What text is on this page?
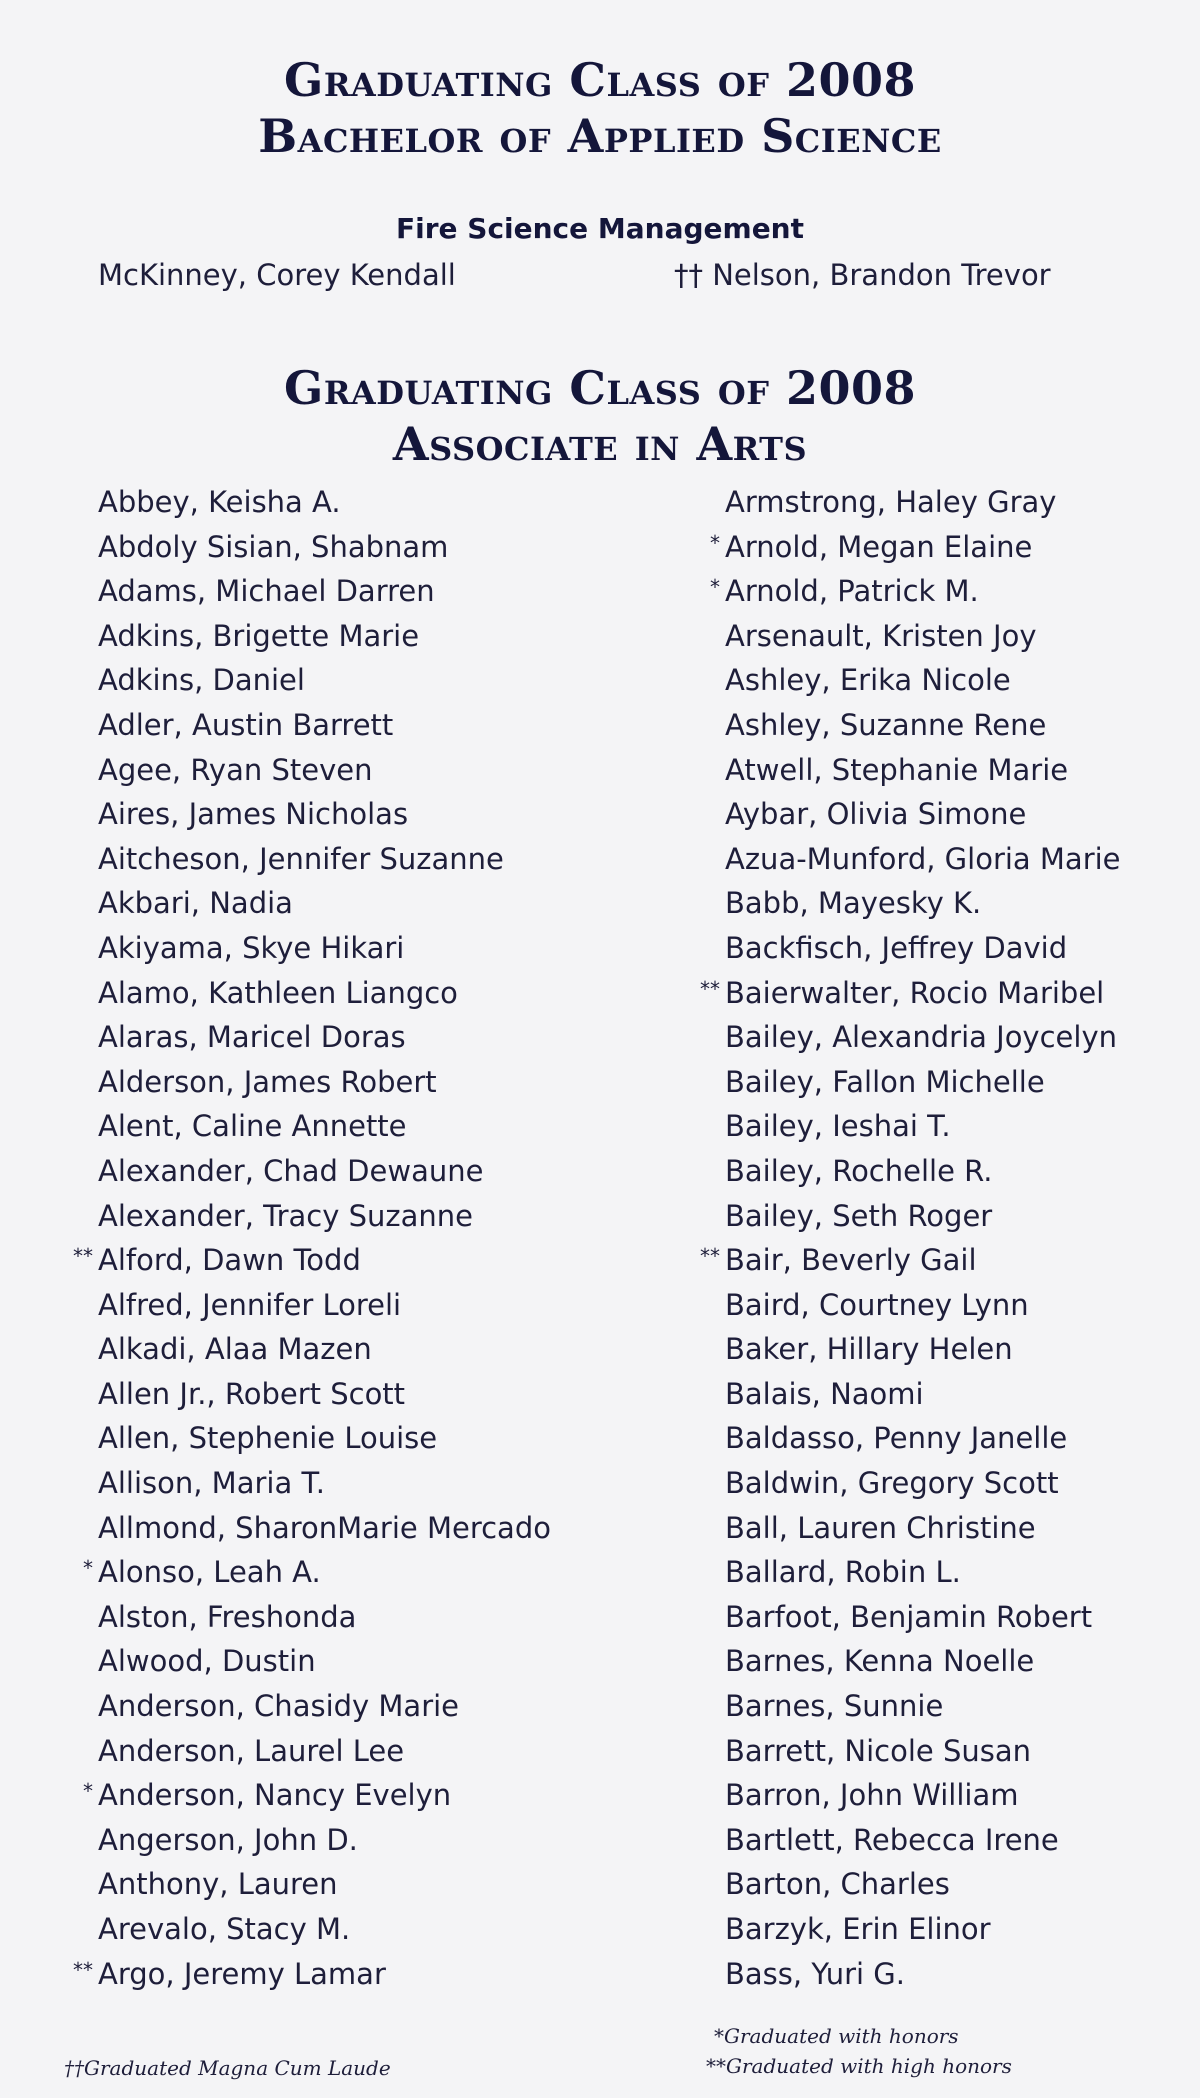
Graduating Class of 2008
Bachelor of Applied Science
Fire Science Management
McKinney, Corey Kendall	†† Nelson, Brandon Trevor
Graduating Class of 2008
Associate in Arts
Abbey, Keisha A.
Abdoly Sisian, Shabnam
Adams, Michael Darren
Adkins, Brigette Marie
Adkins, Daniel
Adler, Austin Barrett
Agee, Ryan Steven
Aires, James Nicholas
Aitcheson, Jennifer Suzanne
Akbari, Nadia
Akiyama, Skye Hikari
Alamo, Kathleen Liangco
Alaras, Maricel Doras
Alderson, James Robert
Alent, Caline Annette
Alexander, Chad Dewaune
Alexander, Tracy Suzanne
** Alford, Dawn Todd
Alfred, Jennifer Loreli
Alkadi, Alaa Mazen
Allen Jr., Robert Scott
Allen, Stephenie Louise
Allison, Maria T.
Allmond, SharonMarie Mercado
* Alonso, Leah A.
Alston, Freshonda
Alwood, Dustin
Anderson, Chasidy Marie
Anderson, Laurel Lee
* Anderson, Nancy Evelyn
Angerson, John D.
Anthony, Lauren
Arevalo, Stacy M.
** Argo, Jeremy Lamar
Armstrong, Haley Gray
* Arnold, Megan Elaine
* Arnold, Patrick M.
Arsenault, Kristen Joy
Ashley, Erika Nicole
Ashley, Suzanne Rene
Atwell, Stephanie Marie
Aybar, Olivia Simone
Azua-Munford, Gloria Marie
Babb, Mayesky K.
Backfisch, Jeffrey David
** Baierwalter, Rocio Maribel
Bailey, Alexandria Joycelyn
Bailey, Fallon Michelle
Bailey, Ieshai T.
Bailey, Rochelle R.
Bailey, Seth Roger
** Bair, Beverly Gail
Baird, Courtney Lynn
Baker, Hillary Helen
Balais, Naomi
Baldasso, Penny Janelle
Baldwin, Gregory Scott
Ball, Lauren Christine
Ballard, Robin L.
Barfoot, Benjamin Robert
Barnes, Kenna Noelle
Barnes, Sunnie
Barrett, Nicole Susan
Barron, John William
Bartlett, Rebecca Irene
Barton, Charles
Barzyk, Erin Elinor
Bass, Yuri G.
††Graduated Magna Cum Laude
*Graduated with honors
**Graduated with high honors
